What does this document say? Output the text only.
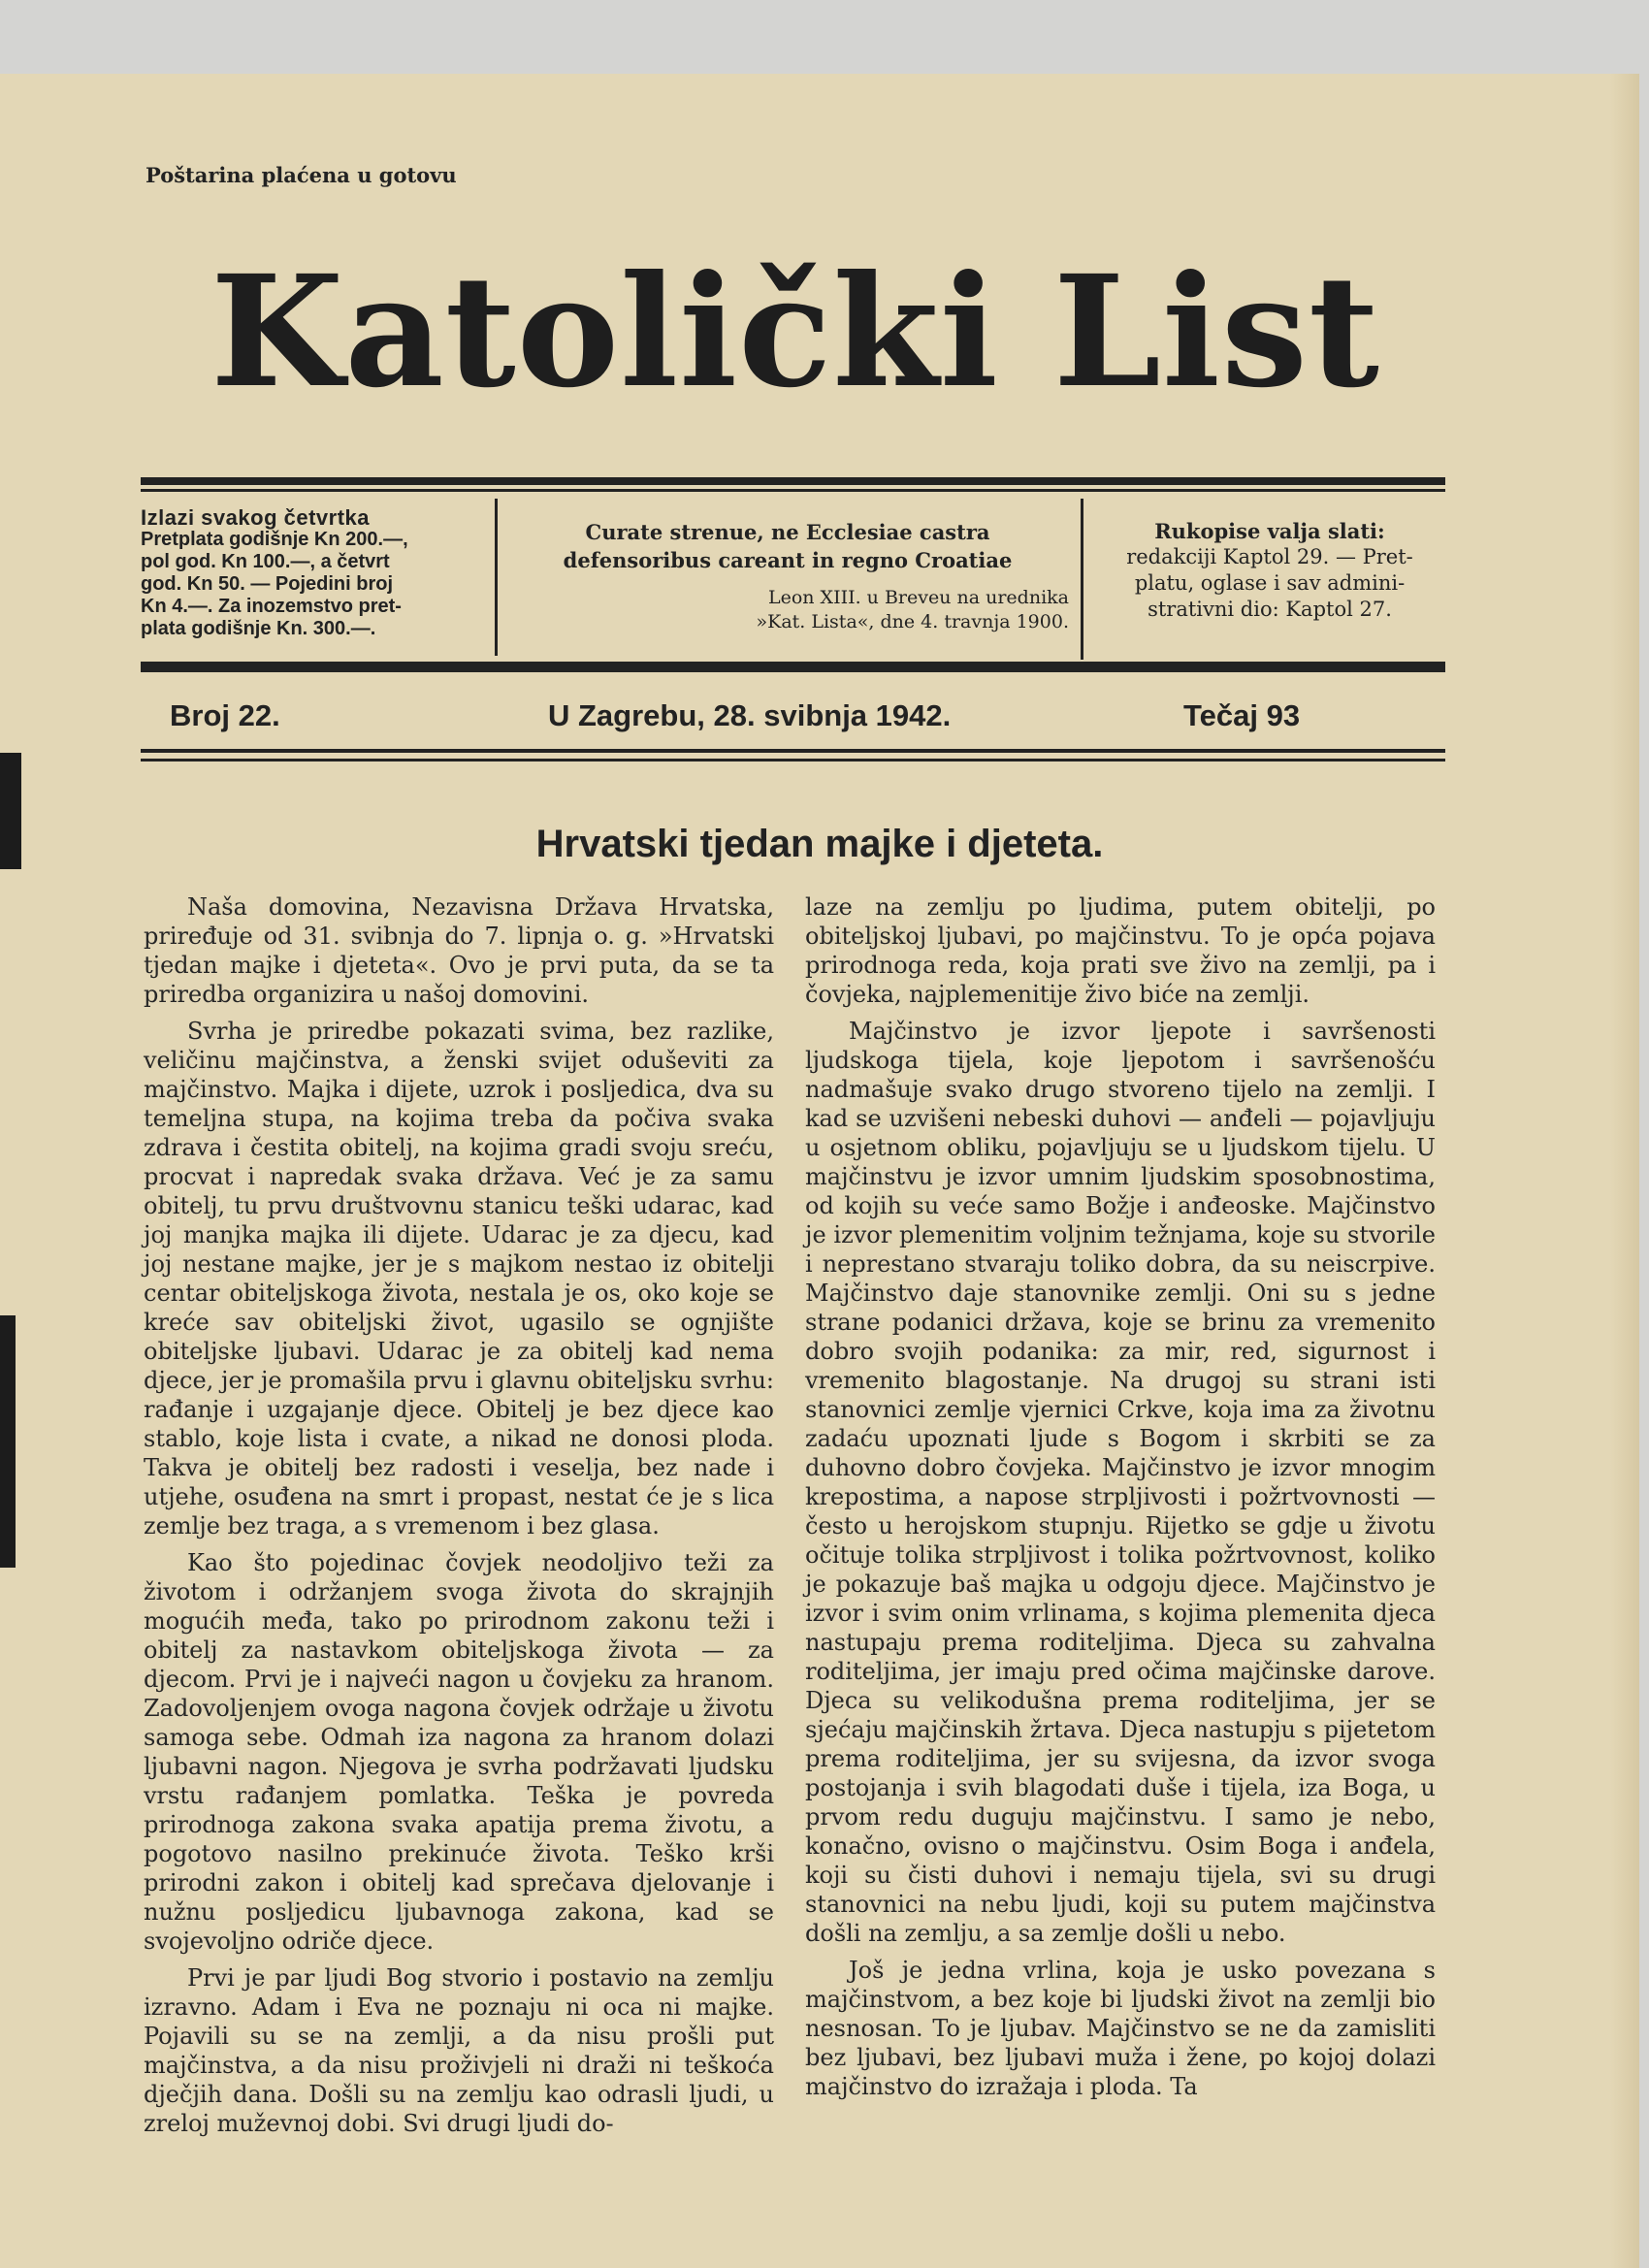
Poštarina plaćena u gotovu
Katolički List
Izlazi svakog četvrtka
Pretplata godišnje Kn 200.—,
pol god. Kn 100.—, a četvrt
god. Kn 50. — Pojedini broj
Kn 4.—. Za inozemstvo pret-
plata godišnje Kn. 300.—.
Curate strenue, ne Ecclesiae castra
defensoribus careant in regno Croatiae
Leon XIII. u Breveu na urednika
»Kat. Lista«, dne 4. travnja 1900.
Rukopise valja slati:
redakciji Kaptol 29. — Pret-
platu, oglase i sav admini-
strativni dio: Kaptol 27.
Broj 22.	U Zagrebu, 28. svibnja 1942.	Tečaj 93
Hrvatski tjedan majke i djeteta.

Naša domovina, Nezavisna Država Hrvatska, priređuje od 31. svibnja do 7. lipnja o. g. »Hrvatski tjedan majke i djeteta«. Ovo je prvi puta, da se ta priredba organizira u našoj domovini.

Svrha je priredbe pokazati svima, bez razlike, veličinu majčinstva, a ženski svijet oduševiti za majčinstvo. Majka i dijete, uzrok i posljedica, dva su temeljna stupa, na kojima treba da počiva svaka zdrava i čestita obitelj, na kojima gradi svoju sreću, procvat i napredak svaka država. Već je za samu obitelj, tu prvu društvovnu stanicu teški udarac, kad joj manjka majka ili dijete. Udarac je za djecu, kad joj nestane majke, jer je s majkom nestao iz obitelji centar obiteljskoga života, nestala je os, oko koje se kreće sav obiteljski život, ugasilo se ognjište obiteljske ljubavi. Udarac je za obitelj kad nema djece, jer je promašila prvu i glavnu obiteljsku svrhu: rađanje i uzgajanje djece. Obitelj je bez djece kao stablo, koje lista i cvate, a nikad ne donosi ploda. Takva je obitelj bez radosti i veselja, bez nade i utjehe, osuđena na smrt i propast, nestat će je s lica zemlje bez traga, a s vremenom i bez glasa.

Kao što pojedinac čovjek neodoljivo teži za životom i održanjem svoga života do skrajnjih mogućih međa, tako po prirodnom zakonu teži i obitelj za nastavkom obiteljskoga života — za djecom. Prvi je i najveći nagon u čovjeku za hranom. Zadovoljenjem ovoga nagona čovjek održaje u životu samoga sebe. Odmah iza nagona za hranom dolazi ljubavni nagon. Njegova je svrha podržavati ljudsku vrstu rađanjem pomlatka. Teška je povreda prirodnoga zakona svaka apatija prema životu, a pogotovo nasilno prekinuće života. Teško krši prirodni zakon i obitelj kad sprečava djelovanje i nužnu posljedicu ljubavnoga zakona, kad se svojevoljno odriče djece.

Prvi je par ljudi Bog stvorio i postavio na zemlju izravno. Adam i Eva ne poznaju ni oca ni majke. Pojavili su se na zemlji, a da nisu prošli put majčinstva, a da nisu proživjeli ni draži ni teškoća dječjih dana. Došli su na zemlju kao odrasli ljudi, u zreloj muževnoj dobi. Svi drugi ljudi do-

laze na zemlju po ljudima, putem obitelji, po obiteljskoj ljubavi, po majčinstvu. To je opća pojava prirodnoga reda, koja prati sve živo na zemlji, pa i čovjeka, najplemenitije živo biće na zemlji.

Majčinstvo je izvor ljepote i savršenosti ljudskoga tijela, koje ljepotom i savršenošću nadmašuje svako drugo stvoreno tijelo na zemlji. I kad se uzvišeni nebeski duhovi — anđeli — pojavljuju u osjetnom obliku, pojavljuju se u ljudskom tijelu. U majčinstvu je izvor umnim ljudskim sposobnostima, od kojih su veće samo Božje i anđeoske. Majčinstvo je izvor plemenitim voljnim težnjama, koje su stvorile i neprestano stvaraju toliko dobra, da su neiscrpive. Majčinstvo daje stanovnike zemlji. Oni su s jedne strane podanici država, koje se brinu za vremenito dobro svojih podanika: za mir, red, sigurnost i vremenito blagostanje. Na drugoj su strani isti stanovnici zemlje vjernici Crkve, koja ima za životnu zadaću upoznati ljude s Bogom i skrbiti se za duhovno dobro čovjeka. Majčinstvo je izvor mnogim krepostima, a napose strpljivosti i požrtvovnosti — često u herojskom stupnju. Rijetko se gdje u životu očituje tolika strpljivost i tolika požrtvovnost, koliko je pokazuje baš majka u odgoju djece. Majčinstvo je izvor i svim onim vrlinama, s kojima plemenita djeca nastupaju prema roditeljima. Djeca su zahvalna roditeljima, jer imaju pred očima majčinske darove. Djeca su velikodušna prema roditeljima, jer se sjećaju majčinskih žrtava. Djeca nastupju s pijetetom prema roditeljima, jer su svijesna, da izvor svoga postojanja i svih blagodati duše i tijela, iza Boga, u prvom redu duguju majčinstvu. I samo je nebo, konačno, ovisno o majčinstvu. Osim Boga i anđela, koji su čisti duhovi i nemaju tijela, svi su drugi stanovnici na nebu ljudi, koji su putem majčinstva došli na zemlju, a sa zemlje došli u nebo.

Još je jedna vrlina, koja je usko povezana s majčinstvom, a bez koje bi ljudski život na zemlji bio nesnosan. To je ljubav. Majčinstvo se ne da zamisliti bez ljubavi, bez ljubavi muža i žene, po kojoj dolazi majčinstvo do izražaja i ploda. Ta
